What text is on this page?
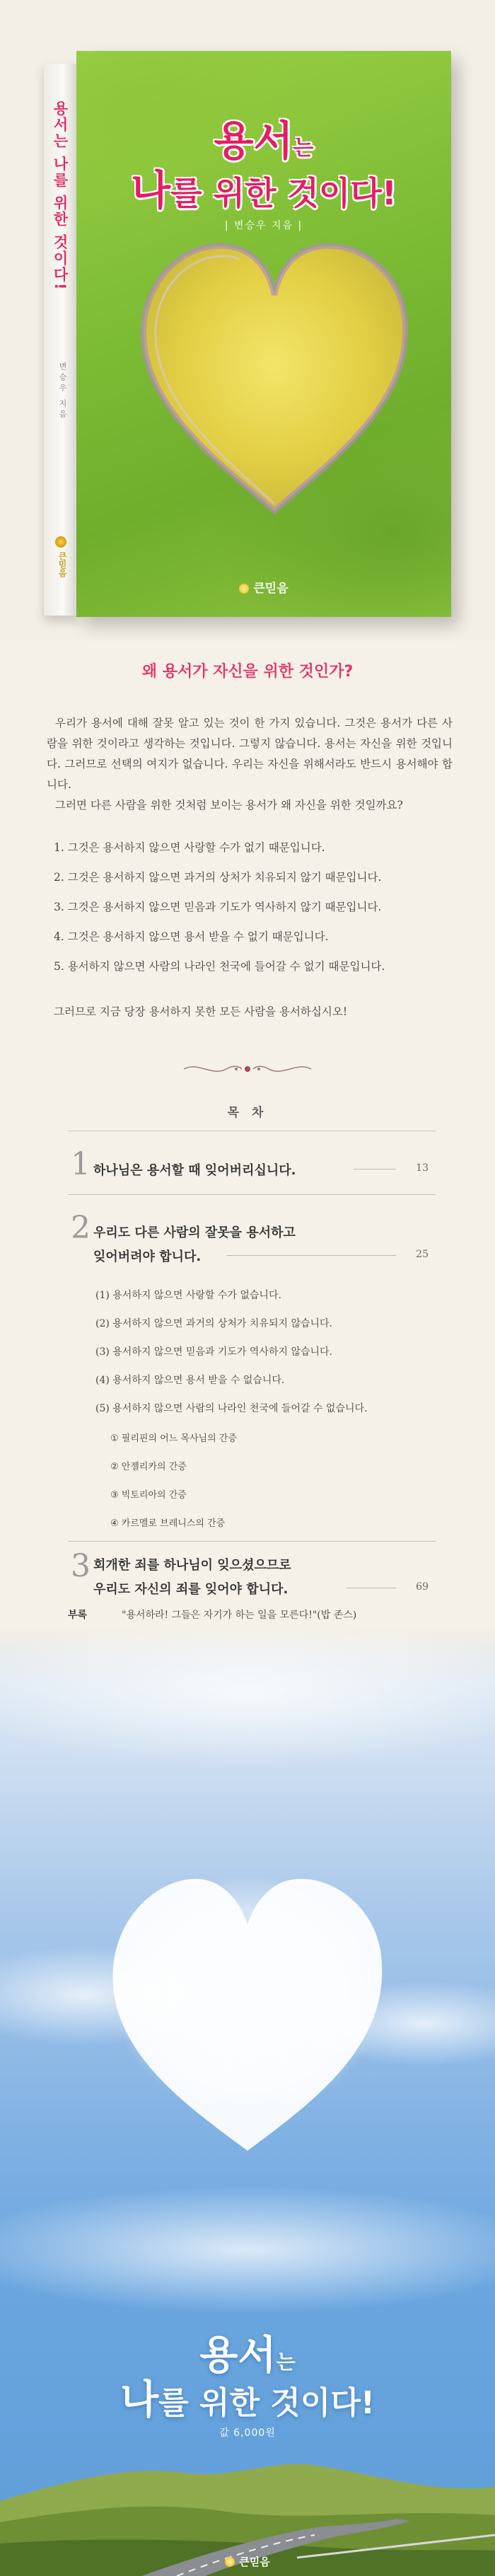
용서는 나를 위한 것이다!
변승우 지음
큰믿음
용서는
나를 위한 것이다!
| 변승우 지음 |
큰믿음
왜 용서가 자신을 위한 것인가?

우리가 용서에 대해 잘못 알고 있는 것이 한 가지 있습니다. 그것은 용서가 다른 사람을 위한 것이라고 생각하는 것입니다. 그렇지 않습니다. 용서는 자신을 위한 것입니다. 그러므로 선택의 여지가 없습니다. 우리는 자신을 위해서라도 반드시 용서해야 합니다.

그러면 다른 사람을 위한 것처럼 보이는 용서가 왜 자신을 위한 것일까요?

1. 그것은 용서하지 않으면 사랑할 수가 없기 때문입니다.
2. 그것은 용서하지 않으면 과거의 상처가 치유되지 않기 때문입니다.
3. 그것은 용서하지 않으면 믿음과 기도가 역사하지 않기 때문입니다.
4. 그것은 용서하지 않으면 용서 받을 수 없기 때문입니다.
5. 용서하지 않으면 사람의 나라인 천국에 들어갈 수 없기 때문입니다.

그러므로 지금 당장 용서하지 못한 모든 사람을 용서하십시오!

목 차
1 하나님은 용서할 때 잊어버리십니다.	13
2 우리도 다른 사람의 잘못을 용서하고
잊어버려야 합니다.	25
(1) 용서하지 않으면 사랑할 수가 없습니다.
(2) 용서하지 않으면 과거의 상처가 치유되지 않습니다.
(3) 용서하지 않으면 믿음과 기도가 역사하지 않습니다.
(4) 용서하지 않으면 용서 받을 수 없습니다.
(5) 용서하지 않으면 사람의 나라인 천국에 들어갈 수 없습니다.
① 필리핀의 어느 목사님의 간증
② 안젤리카의 간증
③ 빅토리아의 간증
④ 카르멜로 브레니스의 간증
3 회개한 죄를 하나님이 잊으셨으므로
우리도 자신의 죄를 잊어야 합니다.	69
부록	"용서하라! 그들은 자기가 하는 일을 모른다!"(밥 존스)
용서는
나를 위한 것이다!
값 6,000원
큰믿음
